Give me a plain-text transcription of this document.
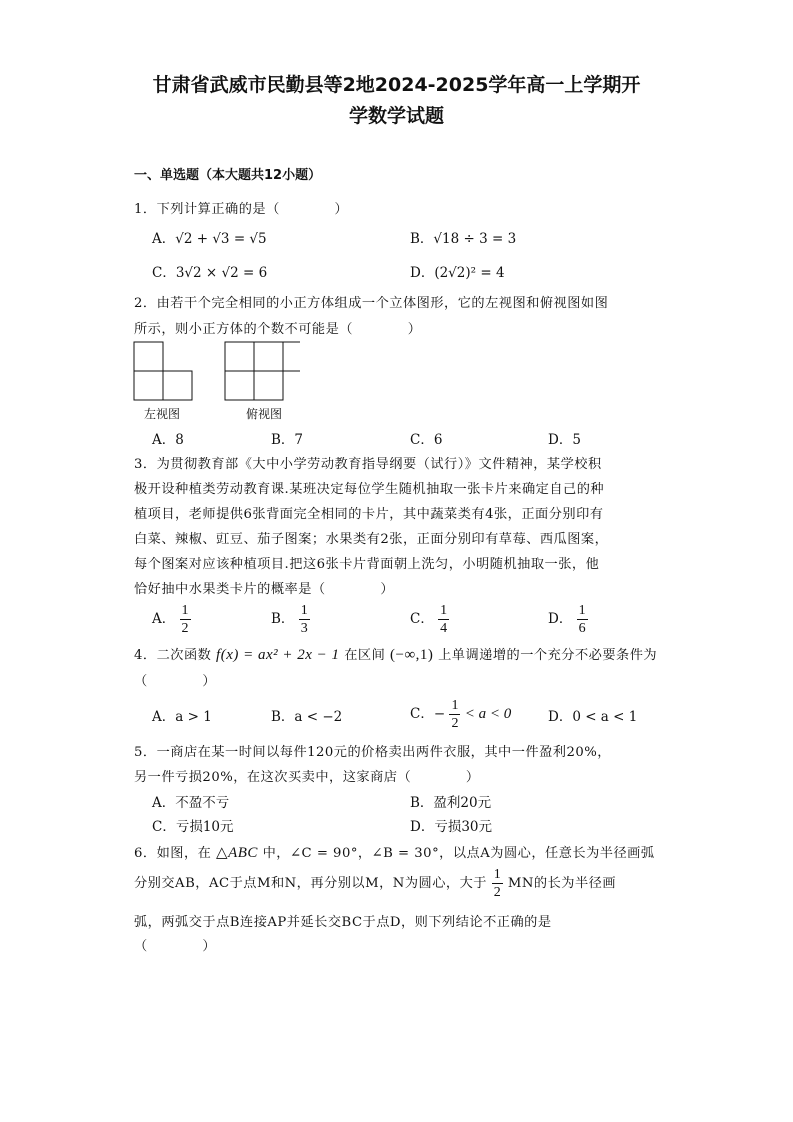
甘肃省武威市民勤县等2地2024-2025学年高一上学期开
学数学试题
一、单选题（本大题共12小题）
1．下列计算正确的是（　　　　）
A．√2 + √3 = √5	B．√18 ÷ 3 = 3
C．3√2 × √2 = 6	D．(2√2)² = 4
2．由若干个完全相同的小正方体组成一个立体图形，它的左视图和俯视图如图
所示，则小正方体的个数不可能是（　　　　）
左视图	俯视图
A．8	B．7	C．6	D．5
3．为贯彻教育部《大中小学劳动教育指导纲要（试行）》文件精神，某学校积
极开设种植类劳动教育课.某班决定每位学生随机抽取一张卡片来确定自己的种
植项目，老师提供6张背面完全相同的卡片，其中蔬菜类有4张，正面分别印有
白菜、辣椒、豇豆、茄子图案；水果类有2张，正面分别印有草莓、西瓜图案，
每个图案对应该种植项目.把这6张卡片背面朝上洗匀，小明随机抽取一张，他
恰好抽中水果类卡片的概率是（　　　　）
A． $\frac{1}{2}$	B． $\frac{1}{3}$	C． $\frac{1}{4}$	D． $\frac{1}{6}$
4．二次函数 f(x) = ax² + 2x − 1 在区间 (−∞,1) 上单调递增的一个充分不必要条件为
（　　　　）
A．a > 1	B．a < −2	C．− $\frac{1}{2} < a < 0$	D．0 < a < 1
5．一商店在某一时间以每件120元的价格卖出两件衣服，其中一件盈利20%，
另一件亏损20%，在这次买卖中，这家商店（　　　　）
A．不盈不亏	B．盈利20元
C．亏损10元	D．亏损30元
6．如图，在 △ABC 中，∠C = 90°，∠B = 30°，以点A为圆心，任意长为半径画弧
分别交AB，AC于点M和N，再分别以M，N为圆心，大于 $\frac{1}{2}$ MN的长为半径画
弧，两弧交于点B连接AP并延长交BC于点D，则下列结论不正确的是
（　　　　）
